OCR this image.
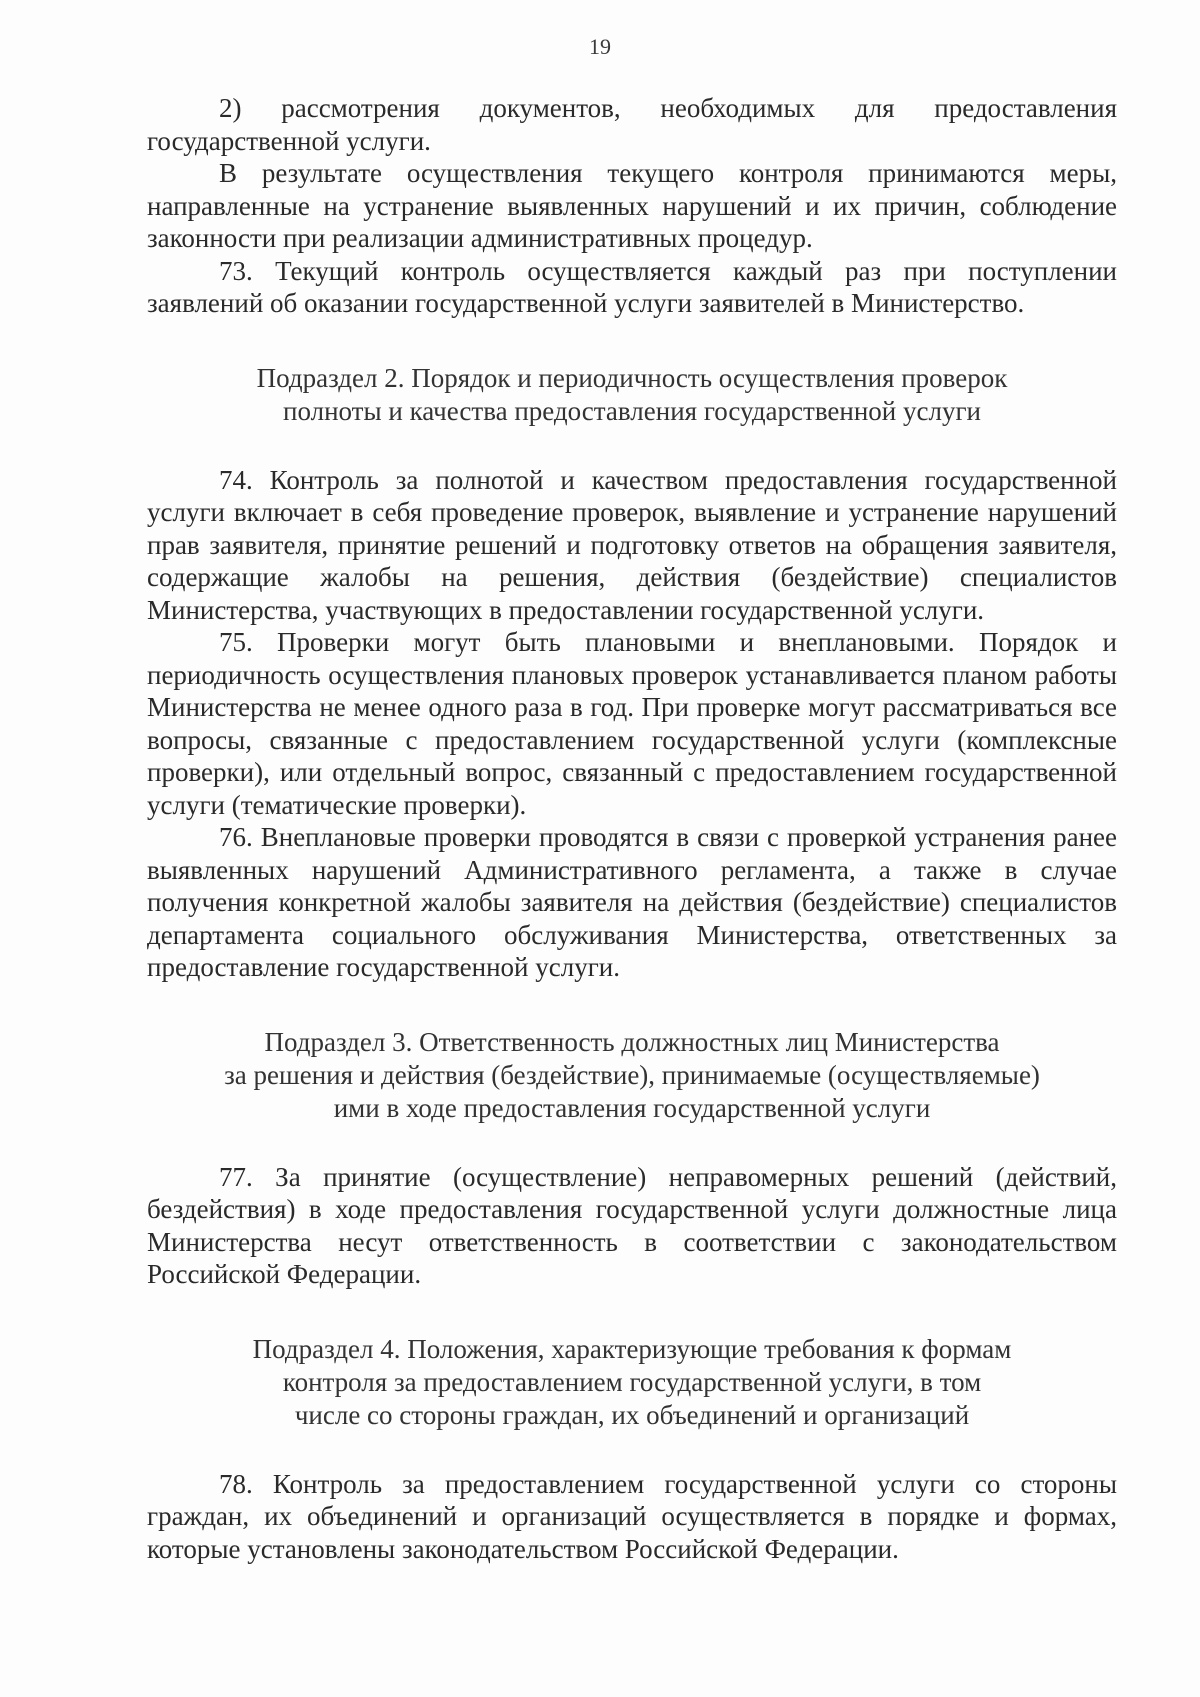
19

2) рассмотрения документов, необходимых для предоставления государственной услуги.

В результате осуществления текущего контроля принимаются меры, направленные на устранение выявленных нарушений и их причин, соблюдение законности при реализации административных процедур.

73. Текущий контроль осуществляется каждый раз при поступлении заявлений об оказании государственной услуги заявителей в Министерство.

Подраздел 2. Порядок и периодичность осуществления проверок
полноты и качества предоставления государственной услуги

74. Контроль за полнотой и качеством предоставления государственной услуги включает в себя проведение проверок, выявление и устранение нарушений прав заявителя, принятие решений и подготовку ответов на обращения заявителя, содержащие жалобы на решения, действия (бездействие) специалистов Министерства, участвующих в предоставлении государственной услуги.

75. Проверки могут быть плановыми и внеплановыми. Порядок и периодичность осуществления плановых проверок устанавливается планом работы Министерства не менее одного раза в год. При проверке могут рассматриваться все вопросы, связанные с предоставлением государственной услуги (комплексные проверки), или отдельный вопрос, связанный с предоставлением государственной услуги (тематические проверки).

76. Внеплановые проверки проводятся в связи с проверкой устранения ранее выявленных нарушений Административного регламента, а также в случае получения конкретной жалобы заявителя на действия (бездействие) специалистов департамента социального обслуживания Министерства, ответственных за предоставление государственной услуги.

Подраздел 3. Ответственность должностных лиц Министерства
за решения и действия (бездействие), принимаемые (осуществляемые)
ими в ходе предоставления государственной услуги

77. За принятие (осуществление) неправомерных решений (действий, бездействия) в ходе предоставления государственной услуги должностные лица Министерства несут ответственность в соответствии с законодательством Российской Федерации.

Подраздел 4. Положения, характеризующие требования к формам
контроля за предоставлением государственной услуги, в том
числе со стороны граждан, их объединений и организаций

78. Контроль за предоставлением государственной услуги со стороны граждан, их объединений и организаций осуществляется в порядке и формах, которые установлены законодательством Российской Федерации.
